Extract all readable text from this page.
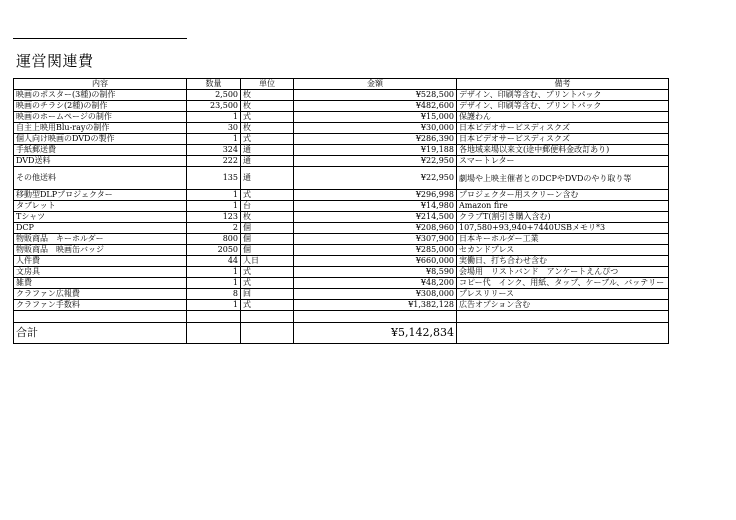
運営関連費
内容	数量	単位	金額	備考
映画のポスター(3種)の制作	2,500	枚	¥528,500	デザイン、印刷等含む、プリントパック
映画のチラシ(2種)の制作	23,500	枚	¥482,600	デザイン、印刷等含む、プリントパック
映画のホームページの制作	1	式	¥15,000	保護わん
自主上映用Blu-rayの制作	30	枚	¥30,000	日本ビデオサービスディスクズ
個人向け映画のDVDの製作	1	式	¥286,390	日本ビデオサービスディスクズ
手紙郵送費	324	通	¥19,188	各地域来場以来文(途中郵便料金改訂あり)
DVD送料	222	通	¥22,950	スマートレター
その他送料	135	通	¥22,950	劇場や上映主催者とのDCPやDVDのやり取り等
移動型DLPプロジェクター	1	式	¥296,998	プロジェクター用スクリーン含む
タブレット	1	台	¥14,980	Amazon fire
Tシャツ	123	枚	¥214,500	クラブT(割引き購入含む)
DCP	2	個	¥208,960	107,580+93,940+7440USBメモリ*3
物販商品　キーホルダー	800	個	¥307,900	日本キーホルダー工業
物販商品　映画缶バッジ	2050	個	¥285,000	セカンドプレス
人件費	44	人日	¥660,000	実働日、打ち合わせ含む
文房具	1	式	¥8,590	会場用　リストバンド　アンケートえんぴつ
雑費	1	式	¥48,200	コピー代　インク、用紙、タップ、ケーブル、バッテリー
クラファン広報費	8	回	¥308,000	プレスリリース
クラファン手数料	1	式	¥1,382,128	広告オプション含む

合計			¥5,142,834	
